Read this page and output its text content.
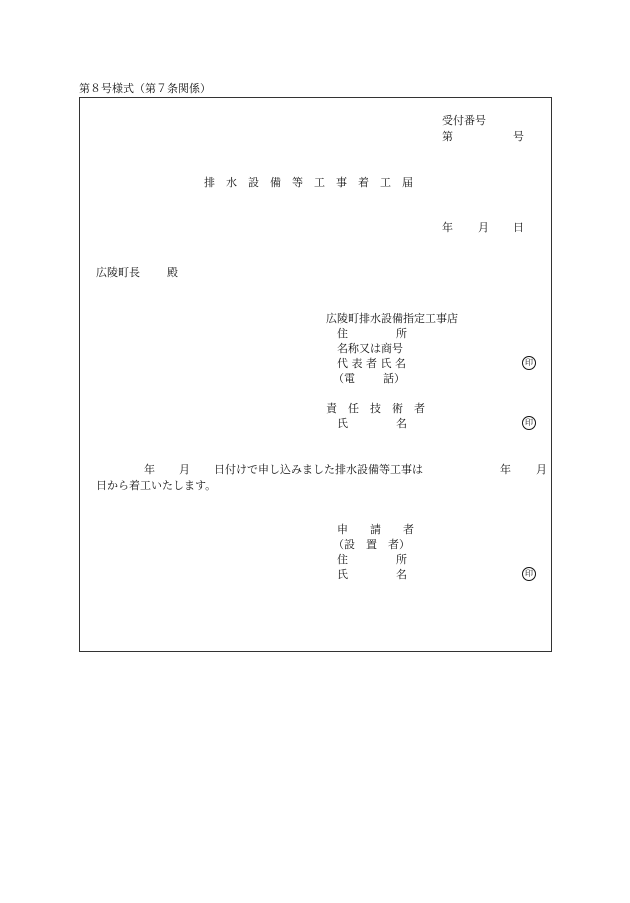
第８号様式（第７条関係）
受付番号
第	号
排　水　設　備　等　工　事　着　工　届
年 月 日
広陵町長 殿
広陵町排水設備指定工事店
住	所
名称又は商号
代 表 者 氏 名	印
（電	話）
責　任　技　術　者
氏	名	印
年 月 日付けで申し込みました排水設備等工事は	年 月
日から着工いたします。
申　　請　　者
（設　置　者）
住	所
氏	名	印
